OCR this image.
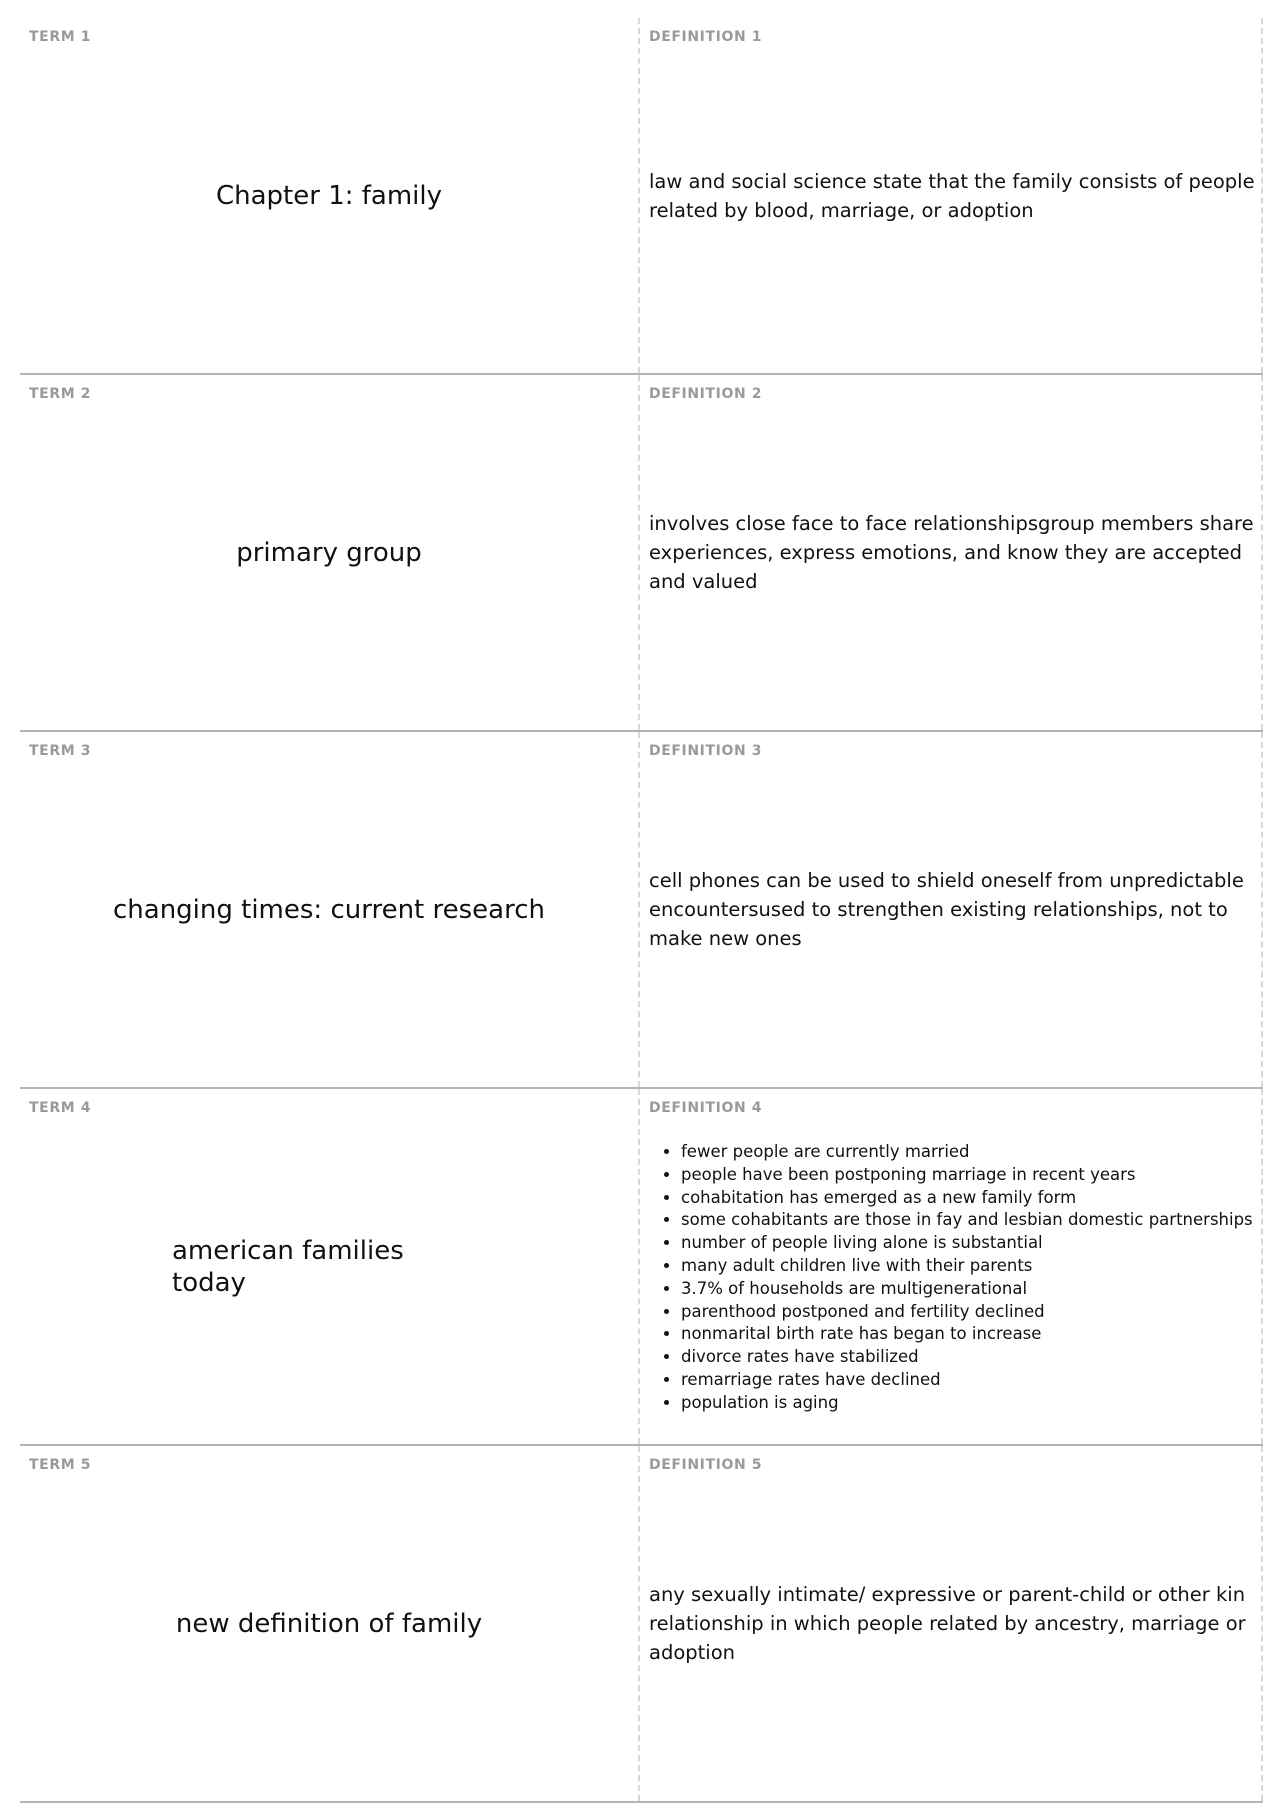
TERM 1
Chapter 1: family
DEFINITION 1
law and social science state that the family consists of people related by blood, marriage, or adoption
TERM 2
primary group
DEFINITION 2
involves close face to face relationshipsgroup members share experiences, express emotions, and know they are accepted and valued
TERM 3
changing times: current research
DEFINITION 3
cell phones can be used to shield oneself from unpredictable encountersused to strengthen existing relationships, not to make new ones
TERM 4
american families today
DEFINITION 4
• fewer people are currently married
• people have been postponing marriage in recent years
• cohabitation has emerged as a new family form
• some cohabitants are those in fay and lesbian domestic partnerships
• number of people living alone is substantial
• many adult children live with their parents
• 3.7% of households are multigenerational
• parenthood postponed and fertility declined
• nonmarital birth rate has began to increase
• divorce rates have stabilized
• remarriage rates have declined
• population is aging
TERM 5
new definition of family
DEFINITION 5
any sexually intimate/ expressive or parent-child or other kin relationship in which people related by ancestry, marriage or adoption
